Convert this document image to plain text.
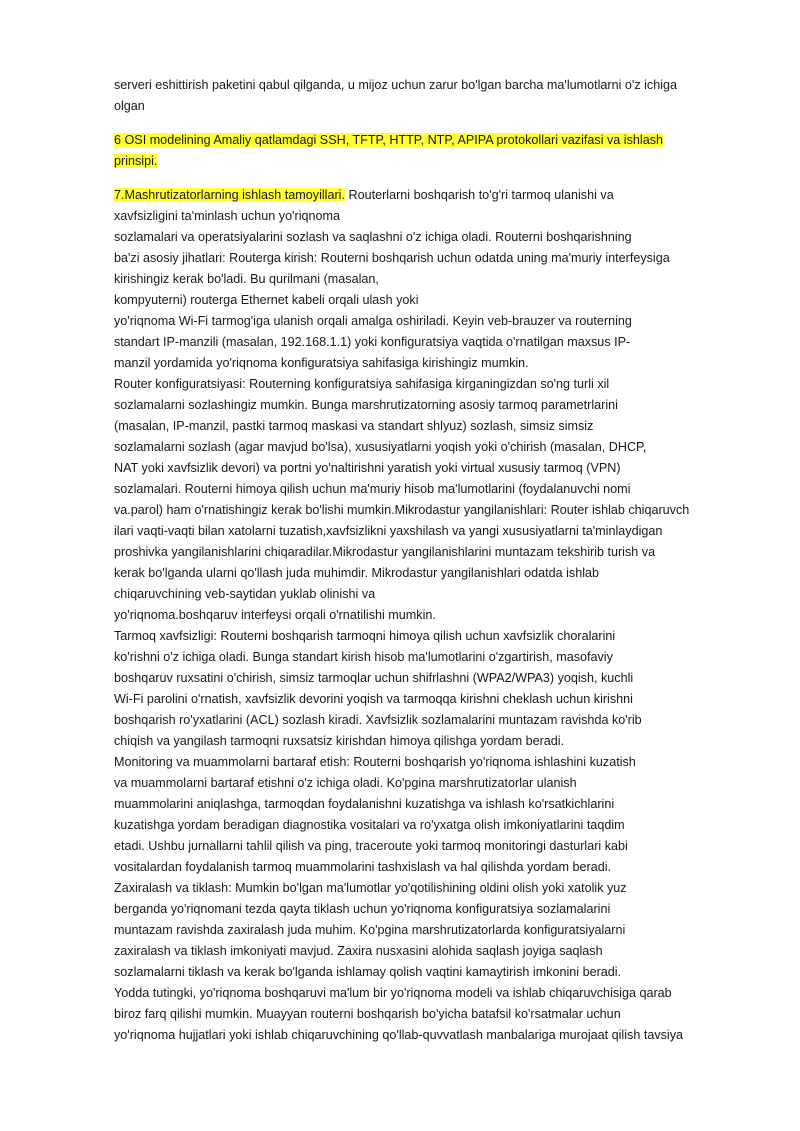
serveri eshittirish paketini qabul qilganda, u mijoz uchun zarur bo'lgan barcha ma'lumotlarni o'z ichiga
olgan
6 OSI modelining Amaliy qatlamdagi SSH, TFTP, HTTP, NTP, APIPA protokollari vazifasi va ishlash
prinsipi.
7.Mashrutizatorlarning ishlash tamoyillari. Routerlarni boshqarish to'g'ri tarmoq ulanishi va
xavfsizligini ta'minlash uchun yo'riqnoma
sozlamalari va operatsiyalarini sozlash va saqlashni o'z ichiga oladi. Routerni boshqarishning
ba'zi asosiy jihatlari: Routerga kirish: Routerni boshqarish uchun odatda uning ma'muriy interfeysiga
kirishingiz kerak bo'ladi. Bu qurilmani (masalan,
kompyuterni) routerga Ethernet kabeli orqali ulash yoki
yo'riqnoma Wi-Fi tarmog'iga ulanish orqali amalga oshiriladi. Keyin veb-brauzer va routerning
standart IP-manzili (masalan, 192.168.1.1) yoki konfiguratsiya vaqtida o'rnatilgan maxsus IP-
manzil yordamida yo'riqnoma konfiguratsiya sahifasiga kirishingiz mumkin.
Router konfiguratsiyasi: Routerning konfiguratsiya sahifasiga kirganingizdan so'ng turli xil
sozlamalarni sozlashingiz mumkin. Bunga marshrutizatorning asosiy tarmoq parametrlarini
(masalan, IP-manzil, pastki tarmoq maskasi va standart shlyuz) sozlash, simsiz simsiz
sozlamalarni sozlash (agar mavjud bo'lsa), xususiyatlarni yoqish yoki o'chirish (masalan, DHCP,
NAT yoki xavfsizlik devori) va portni yo'naltirishni yaratish yoki virtual xususiy tarmoq (VPN)
sozlamalari. Routerni himoya qilish uchun ma'muriy hisob ma'lumotlarini (foydalanuvchi nomi
va.parol) ham o'rnatishingiz kerak bo'lishi mumkin.Mikrodastur yangilanishlari: Router ishlab chiqaruvch
ilari vaqti-vaqti bilan xatolarni tuzatish,xavfsizlikni yaxshilash va yangi xususiyatlarni ta'minlaydigan
proshivka yangilanishlarini chiqaradilar.Mikrodastur yangilanishlarini muntazam tekshirib turish va
kerak bo'lganda ularni qo'llash juda muhimdir. Mikrodastur yangilanishlari odatda ishlab
chiqaruvchining veb-saytidan yuklab olinishi va
yo'riqnoma.boshqaruv interfeysi orqali o'rnatilishi mumkin.
Tarmoq xavfsizligi: Routerni boshqarish tarmoqni himoya qilish uchun xavfsizlik choralarini
ko'rishni o'z ichiga oladi. Bunga standart kirish hisob ma'lumotlarini o'zgartirish, masofaviy
boshqaruv ruxsatini o'chirish, simsiz tarmoqlar uchun shifrlashni (WPA2/WPA3) yoqish, kuchli
Wi-Fi parolini o'rnatish, xavfsizlik devorini yoqish va tarmoqqa kirishni cheklash uchun kirishni
boshqarish ro'yxatlarini (ACL) sozlash kiradi. Xavfsizlik sozlamalarini muntazam ravishda ko'rib
chiqish va yangilash tarmoqni ruxsatsiz kirishdan himoya qilishga yordam beradi.
Monitoring va muammolarni bartaraf etish: Routerni boshqarish yo'riqnoma ishlashini kuzatish
va muammolarni bartaraf etishni o'z ichiga oladi. Ko'pgina marshrutizatorlar ulanish
muammolarini aniqlashga, tarmoqdan foydalanishni kuzatishga va ishlash ko'rsatkichlarini
kuzatishga yordam beradigan diagnostika vositalari va ro'yxatga olish imkoniyatlarini taqdim
etadi. Ushbu jurnallarni tahlil qilish va ping, traceroute yoki tarmoq monitoringi dasturlari kabi
vositalardan foydalanish tarmoq muammolarini tashxislash va hal qilishda yordam beradi.
Zaxiralash va tiklash: Mumkin bo'lgan ma'lumotlar yo'qotilishining oldini olish yoki xatolik yuz
berganda yo'riqnomani tezda qayta tiklash uchun yo'riqnoma konfiguratsiya sozlamalarini
muntazam ravishda zaxiralash juda muhim. Ko'pgina marshrutizatorlarda konfiguratsiyalarni
zaxiralash va tiklash imkoniyati mavjud. Zaxira nusxasini alohida saqlash joyiga saqlash
sozlamalarni tiklash va kerak bo'lganda ishlamay qolish vaqtini kamaytirish imkonini beradi.
Yodda tutingki, yo'riqnoma boshqaruvi ma'lum bir yo'riqnoma modeli va ishlab chiqaruvchisiga qarab
biroz farq qilishi mumkin. Muayyan routerni boshqarish bo'yicha batafsil ko'rsatmalar uchun
yo'riqnoma hujjatlari yoki ishlab chiqaruvchining qo'llab-quvvatlash manbalariga murojaat qilish tavsiya
